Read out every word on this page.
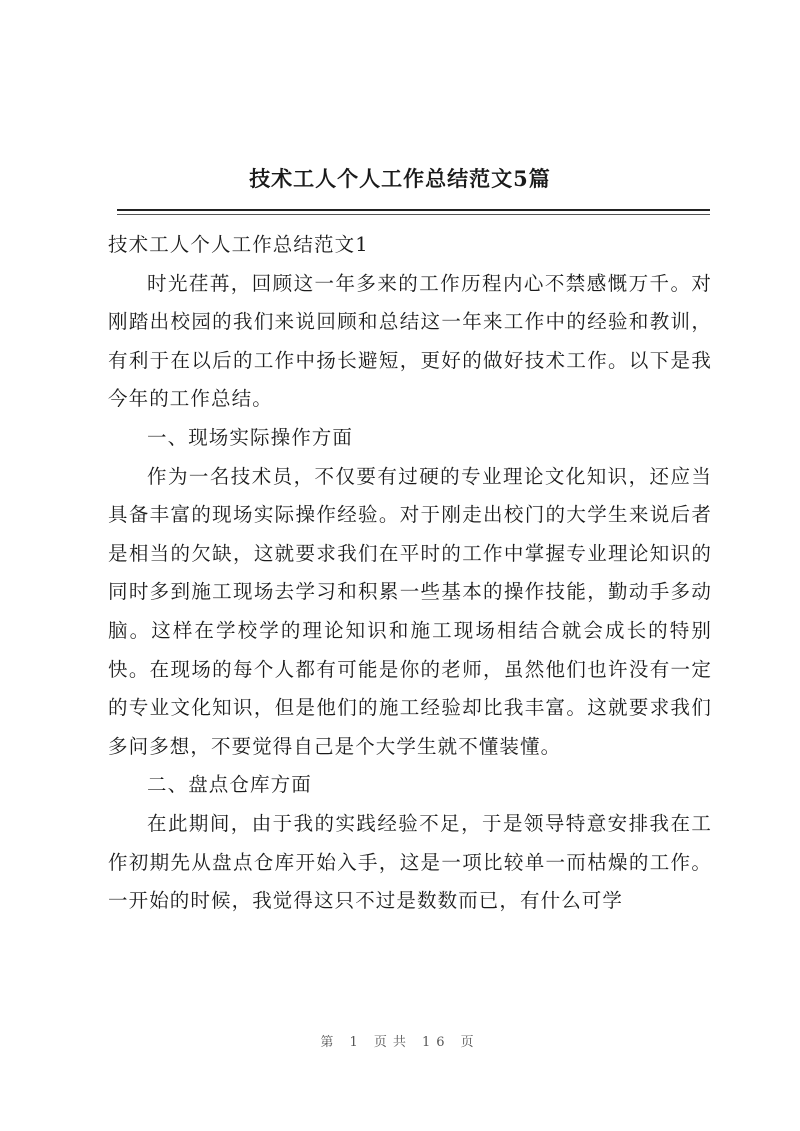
技术工人个人工作总结范文5篇

技术工人个人工作总结范文1

时光荏苒，回顾这一年多来的工作历程内心不禁感慨万千。对刚踏出校园的我们来说回顾和总结这一年来工作中的经验和教训，有利于在以后的工作中扬长避短，更好的做好技术工作。以下是我今年的工作总结。

一、现场实际操作方面

作为一名技术员，不仅要有过硬的专业理论文化知识，还应当具备丰富的现场实际操作经验。对于刚走出校门的大学生来说后者是相当的欠缺，这就要求我们在平时的工作中掌握专业理论知识的同时多到施工现场去学习和积累一些基本的操作技能，勤动手多动脑。这样在学校学的理论知识和施工现场相结合就会成长的特别快。在现场的每个人都有可能是你的老师，虽然他们也许没有一定的专业文化知识，但是他们的施工经验却比我丰富。这就要求我们多问多想，不要觉得自己是个大学生就不懂装懂。

二、盘点仓库方面

在此期间，由于我的实践经验不足，于是领导特意安排我在工作初期先从盘点仓库开始入手，这是一项比较单一而枯燥的工作。一开始的时候，我觉得这只不过是数数而已，有什么可学

第 1 页共 16 页
